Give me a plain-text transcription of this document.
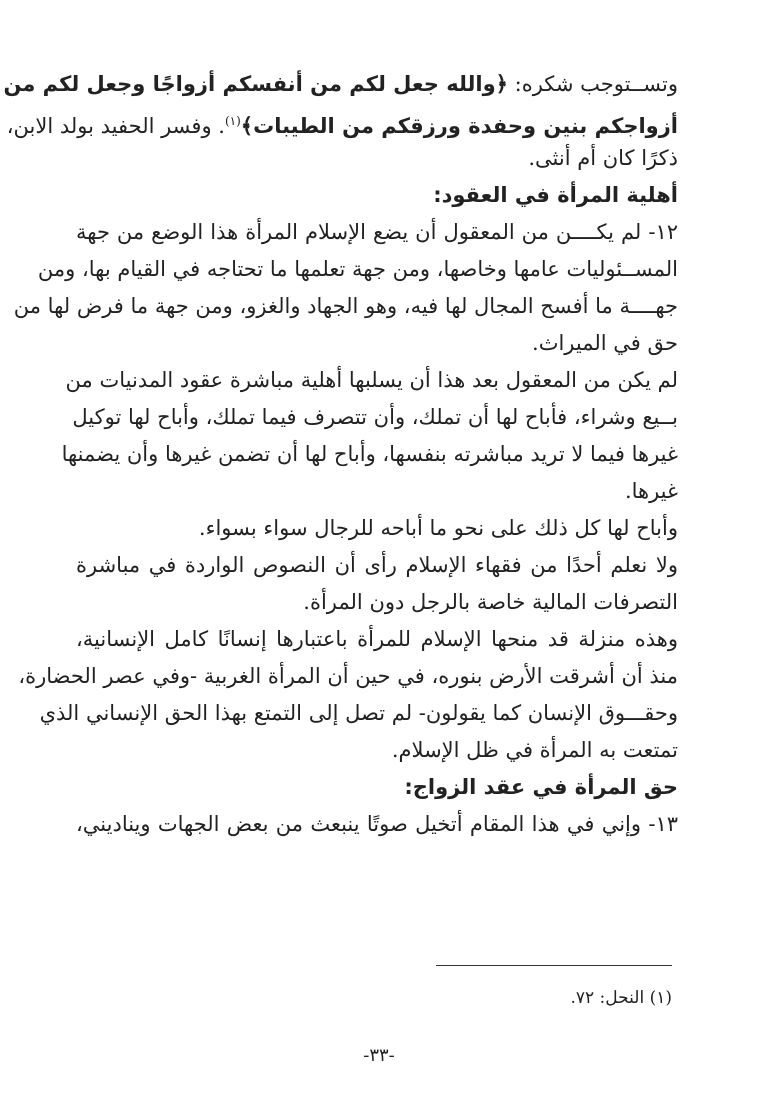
وتســتوجب شكره: ﴿والله جعل لكم من أنفسكم أزواجًا وجعل لكم من
أزواجكم بنين وحفدة ورزقكم من الطيبات﴾$^{(١)}$. وفسر الحفيد بولد الابن،
ذكرًا كان أم أنثى.
أهلية المرأة في العقود:
١٢- لم يكــــن من المعقول أن يضع الإسلام المرأة هذا الوضع من جهة
المســئوليات عامها وخاصها، ومن جهة تعلمها ما تحتاجه في القيام بها، ومن
جهــــة ما أفسح المجال لها فيه، وهو الجهاد والغزو، ومن جهة ما فرض لها من
حق في الميراث.
لم يكن من المعقول بعد هذا أن يسلبها أهلية مباشرة عقود المدنيات من
بــيع وشراء، فأباح لها أن تملك، وأن تتصرف فيما تملك، وأباح لها توكيل
غيرها فيما لا تريد مباشرته بنفسها، وأباح لها أن تضمن غيرها وأن يضمنها
غيرها.
وأباح لها كل ذلك على نحو ما أباحه للرجال سواء بسواء.
ولا نعلم أحدًا من فقهاء الإسلام رأى أن النصوص الواردة في مباشرة
التصرفات المالية خاصة بالرجل دون المرأة.
وهذه منزلة قد منحها الإسلام للمرأة باعتبارها إنسانًا كامل الإنسانية،
منذ أن أشرقت الأرض بنوره، في حين أن المرأة الغربية -وفي عصر الحضارة،
وحقـــوق الإنسان كما يقولون- لم تصل إلى التمتع بهذا الحق الإنساني الذي
تمتعت به المرأة في ظل الإسلام.
حق المرأة في عقد الزواج:
١٣- وإني في هذا المقام أتخيل صوتًا ينبعث من بعض الجهات ويناديني،
(١) النحل: ٧٢.
-٣٣-
